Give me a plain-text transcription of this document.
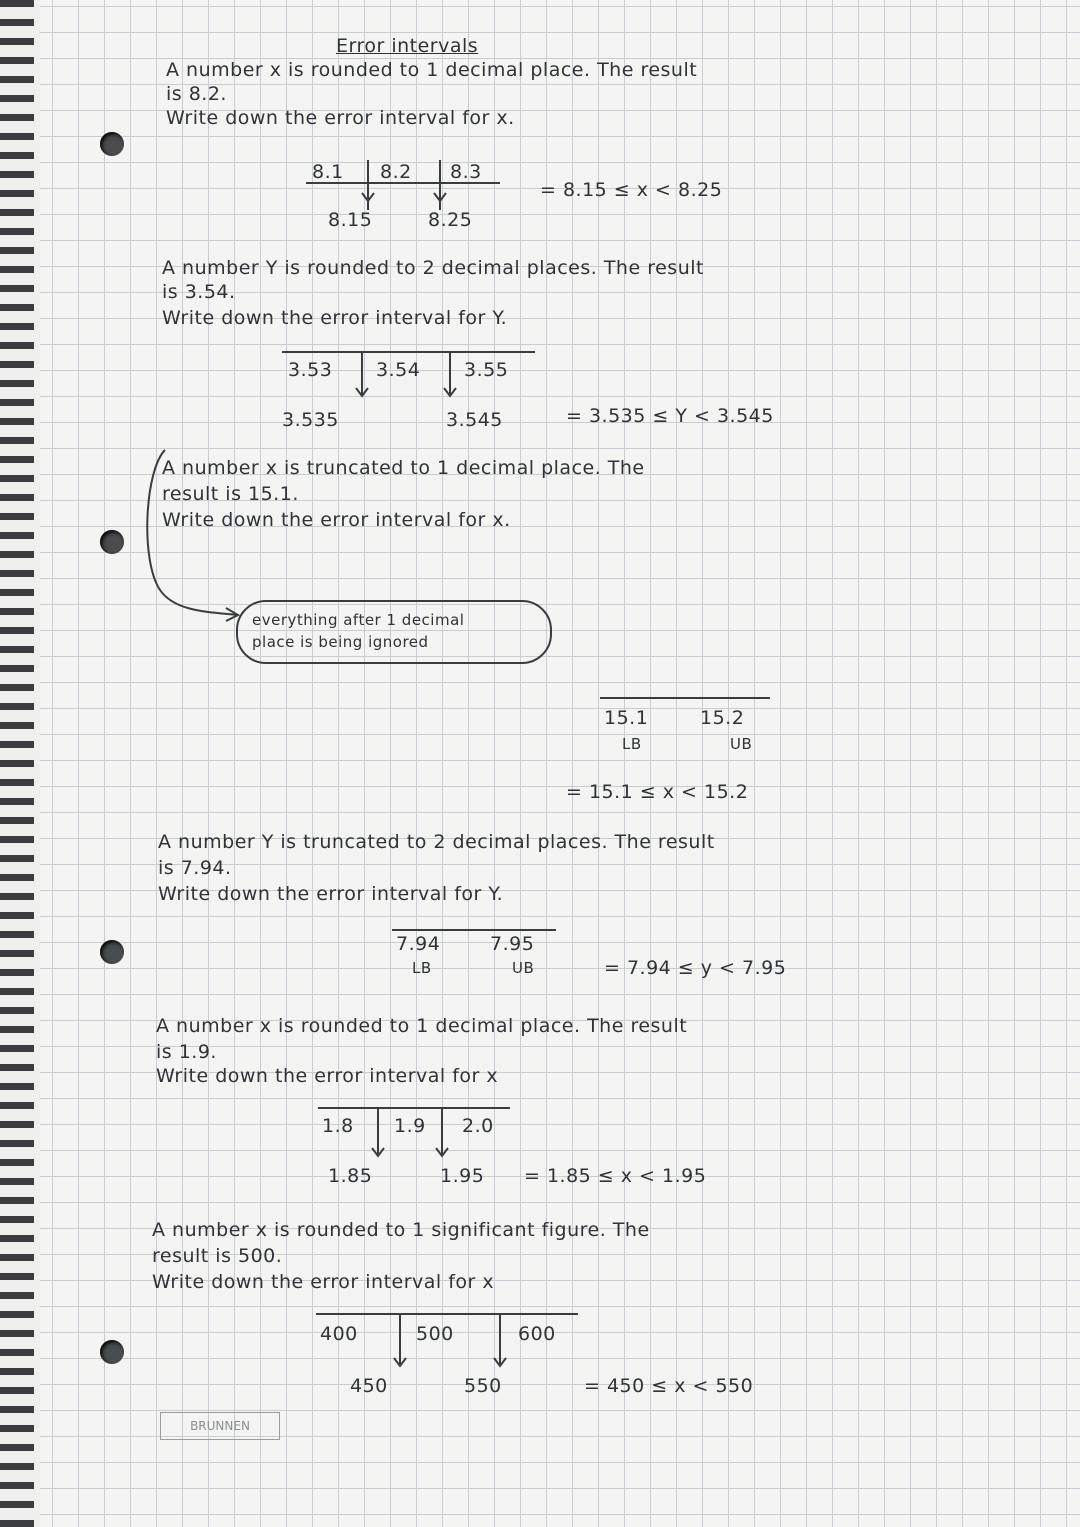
Error intervals
A number x is rounded to 1 decimal place. The result
is 8.2.
Write down the error interval for x.
8.1 8.2 8.3
8.15	8.25
= 8.15 ≤ x < 8.25
A number Y is rounded to 2 decimal places. The result
is 3.54.
Write down the error interval for Y.
3.53 3.54 3.55
3.535	3.545	= 3.535 ≤ Y < 3.545
A number x is truncated to 1 decimal place. The
result is 15.1.
Write down the error interval for x.
everything after 1 decimal
place is being ignored
15.1	15.2
LB	UB
= 15.1 ≤ x < 15.2
A number Y is truncated to 2 decimal places. The result
is 7.94.
Write down the error interval for Y.
7.94	7.95
LB	UB	= 7.94 ≤ y < 7.95
A number x is rounded to 1 decimal place. The result
is 1.9.
Write down the error interval for x
1.8 1.9 2.0
1.85	1.95 = 1.85 ≤ x < 1.95
A number x is rounded to 1 significant figure. The
result is 500.
Write down the error interval for x
400	500	600
450	550	= 450 ≤ x < 550
BRUNNEN
